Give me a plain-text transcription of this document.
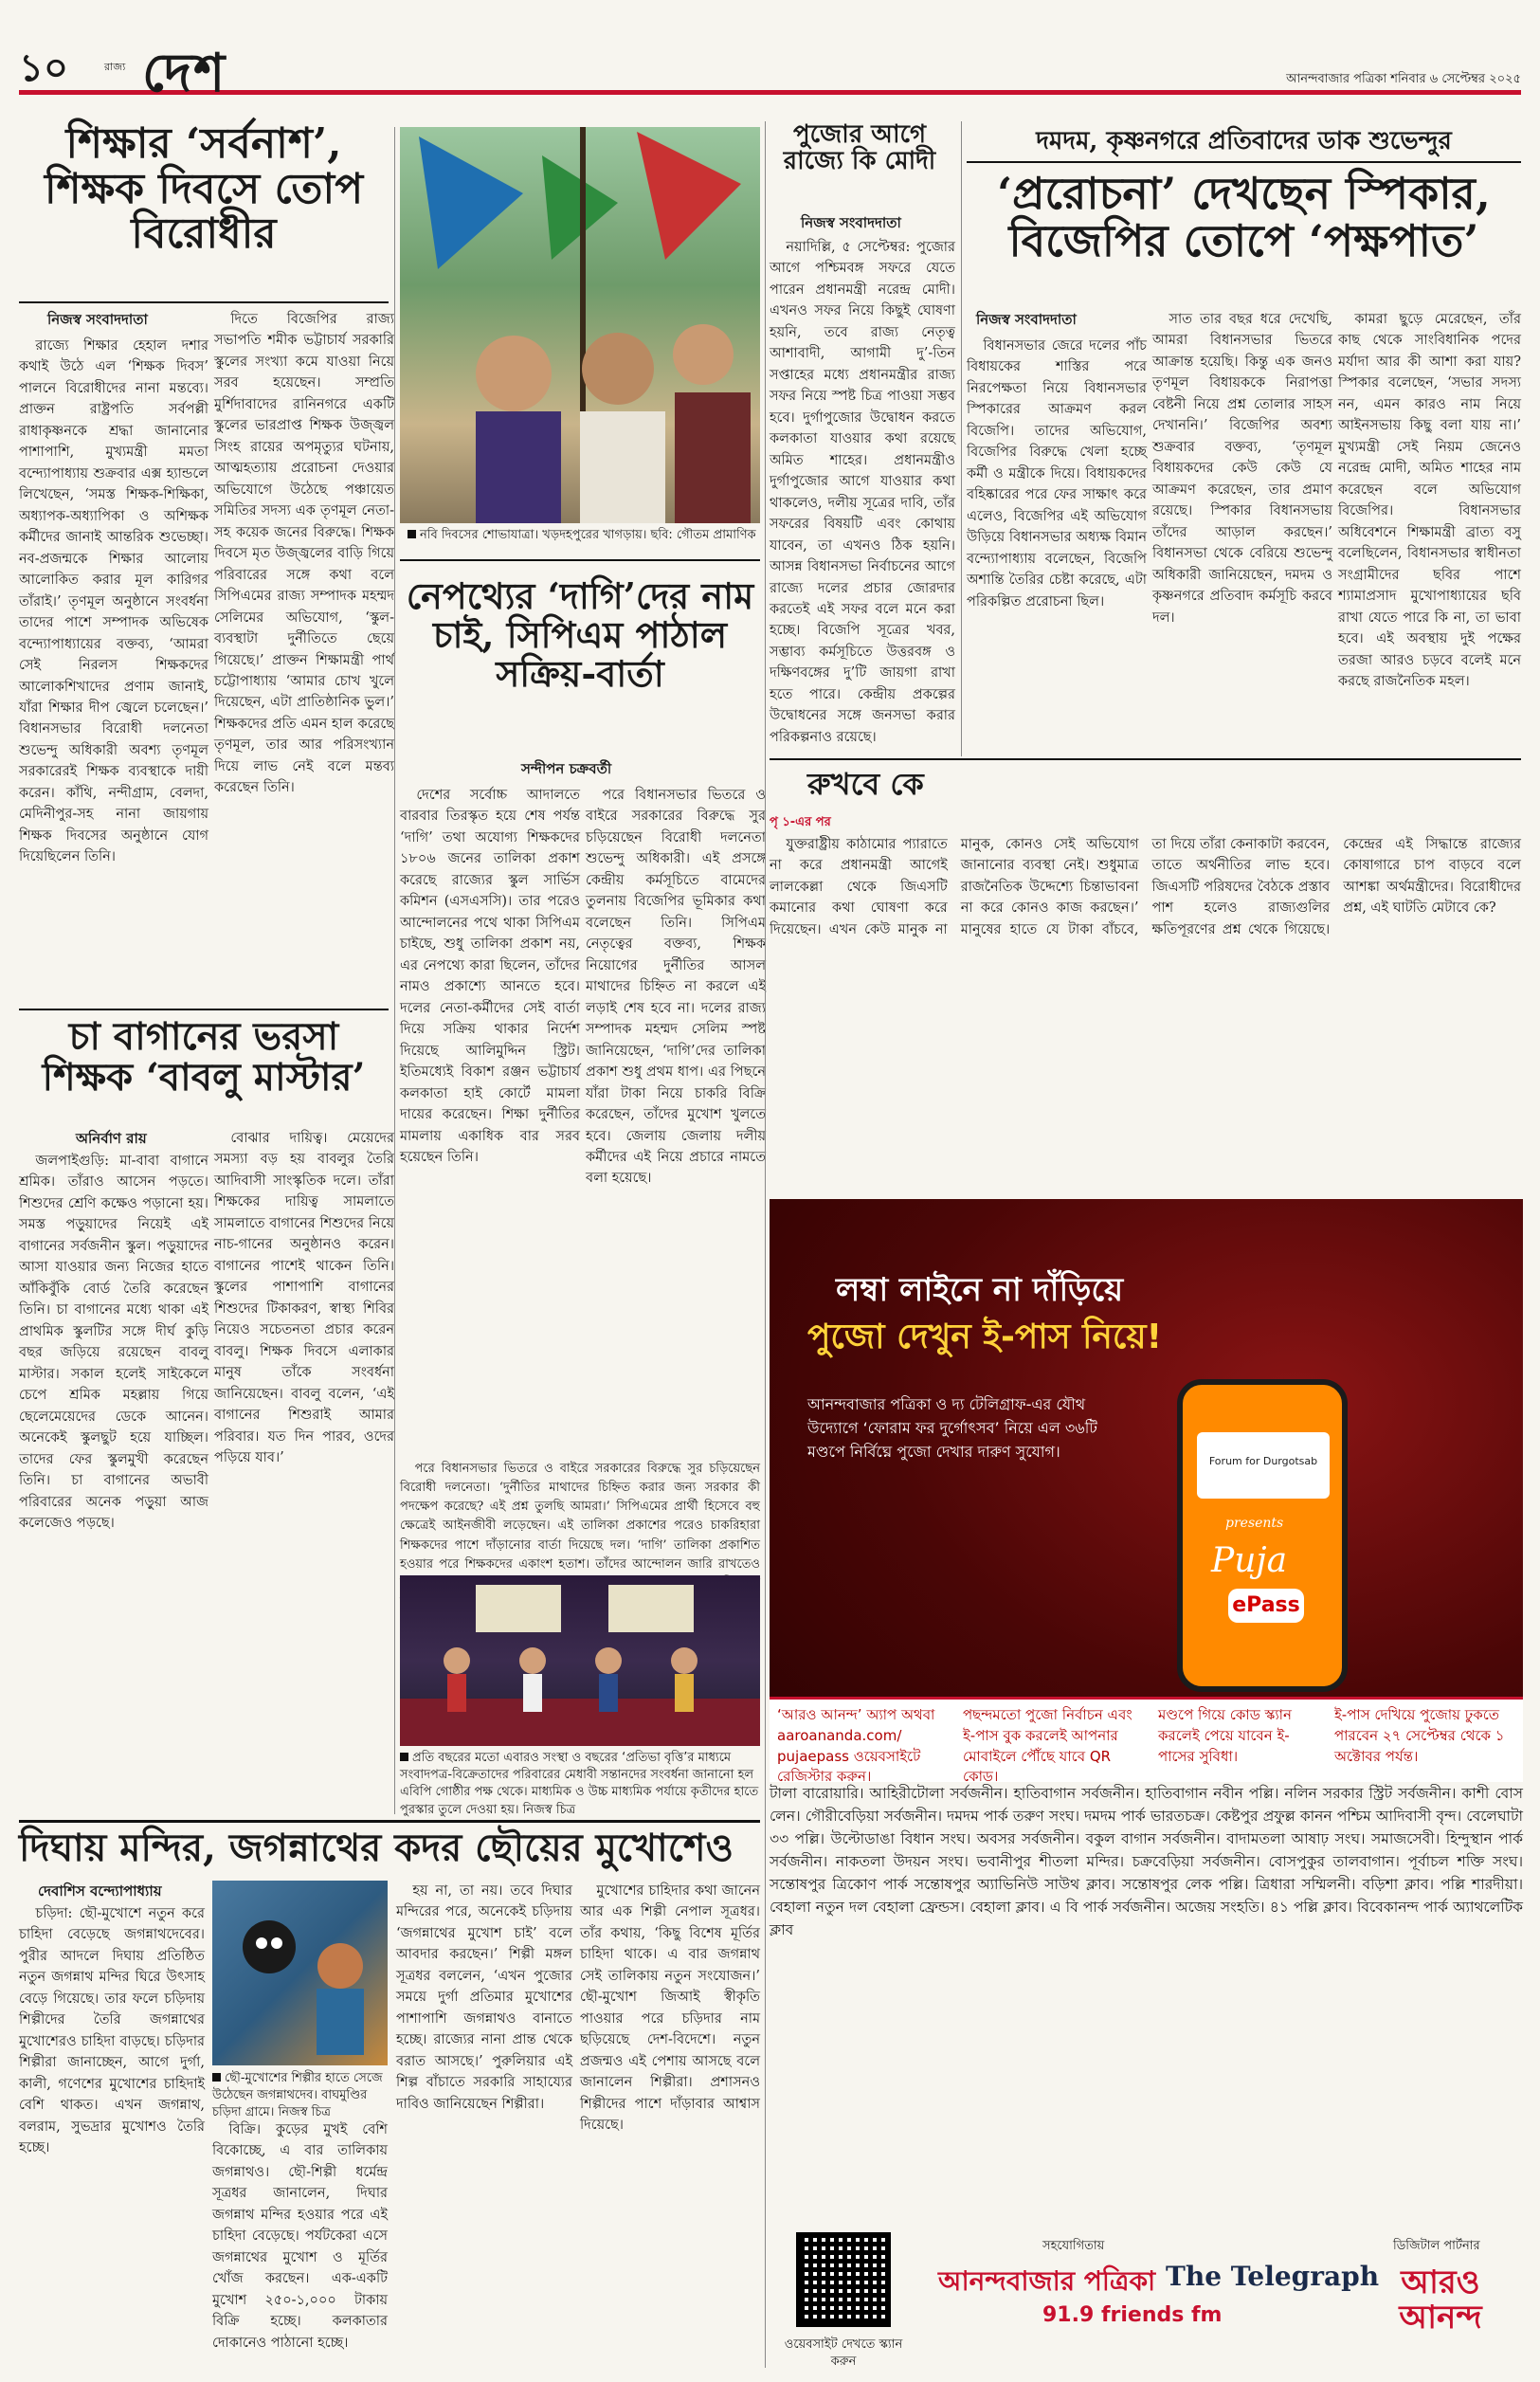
১০	রাজ্য দেশ	আনন্দবাজার পত্রিকা শনিবার ৬ সেপ্টেম্বর ২০২৫
শিক্ষার ‘সর্বনাশ’, শিক্ষক দিবসে তোপ বিরোধীর
নিজস্ব সংবাদদাতা

রাজ্যে শিক্ষার হেহাল দশার কথাই উঠে এল ‘শিক্ষক দিবস’ পালনে বিরোধীদের নানা মন্তব্যে। প্রাক্তন রাষ্ট্রপতি সর্বপল্লী রাধাকৃষ্ণনকে শ্রদ্ধা জানানোর পাশাপাশি, মুখ্যমন্ত্রী মমতা বন্দ্যোপাধ্যায় শুক্রবার এক্স হ্যান্ডলে লিখেছেন, ‘সমস্ত শিক্ষক-শিক্ষিকা, অধ্যাপক-অধ্যাপিকা ও অশিক্ষক কর্মীদের জানাই আন্তরিক শুভেচ্ছা। নব-প্রজন্মকে শিক্ষার আলোয় আলোকিত করার মূল কারিগর তাঁরাই।’ তৃণমূল অনুষ্ঠানে সংবর্ধনা তাদের পাশে সম্পাদক অভিষেক বন্দ্যোপাধ্যায়ের বক্তব্য, ‘আমরা সেই নিরলস শিক্ষকদের আলোকশিখাদের প্রণাম জানাই, যাঁরা শিক্ষার দীপ জ্বেলে চলেছেন।’ বিধানসভার বিরোধী দলনেতা শুভেন্দু অধিকারী অবশ্য তৃণমূল সরকারেরই শিক্ষক ব্যবস্থাকে দায়ী করেন। কাঁথি, নন্দীগ্রাম, বেলদা, মেদিনীপুর-সহ নানা জায়গায় শিক্ষক দিবসের অনুষ্ঠানে যোগ দিয়েছিলেন তিনি।

দিতে বিজেপির রাজ্য সভাপতি শমীক ভট্টাচার্য সরকারি স্কুলের সংখ্যা কমে যাওয়া নিয়ে সরব হয়েছেন। সম্প্রতি মুর্শিদাবাদের রানিনগরে একটি স্কুলের ভারপ্রাপ্ত শিক্ষক উজ্জ্বল সিংহ রায়ের অপমৃত্যুর ঘটনায়, আত্মহত্যায় প্ররোচনা দেওয়ার অভিযোগে উঠেছে পঞ্চায়েত সমিতির সদস্য এক তৃণমূল নেতা-সহ কয়েক জনের বিরুদ্ধে। শিক্ষক দিবসে মৃত উজ্জ্বলের বাড়ি গিয়ে পরিবারের সঙ্গে কথা বলে সিপিএমের রাজ্য সম্পাদক মহম্মদ সেলিমের অভিযোগ, ‘স্কুল-ব্যবস্থাটা দুর্নীতিতে ছেয়ে গিয়েছে।’ প্রাক্তন শিক্ষামন্ত্রী পার্থ চট্টোপাধ্যায় ‘আমার চোখ খুলে দিয়েছেন, এটা প্রাতিষ্ঠানিক ভুল।’ শিক্ষকদের প্রতি এমন হাল করেছে তৃণমূল, তার আর পরিসংখ্যান দিয়ে লাভ নেই বলে মন্তব্য করেছেন তিনি।

নবি দিবসের শোভাযাত্রা। খড়দহপুরের খাগড়ায়। ছবি: গৌতম প্রামাণিক
নেপথ্যের ‘দাগি’দের নাম চাই, সিপিএম পাঠাল সক্রিয়-বার্তা
সন্দীপন চক্রবর্তী

দেশের সর্বোচ্চ আদালতে বারবার তিরস্কৃত হয়ে শেষ পর্যন্ত ‘দাগি’ তথা অযোগ্য শিক্ষকদের ১৮০৬ জনের তালিকা প্রকাশ করেছে রাজ্যের স্কুল সার্ভিস কমিশন (এসএসসি)। তার পরেও আন্দোলনের পথে থাকা সিপিএম চাইছে, শুধু তালিকা প্রকাশ নয়, এর নেপথ্যে কারা ছিলেন, তাঁদের নামও প্রকাশ্যে আনতে হবে। দলের নেতা-কর্মীদের সেই বার্তা দিয়ে সক্রিয় থাকার নির্দেশ দিয়েছে আলিমুদ্দিন স্ট্রিট। ইতিমধ্যেই বিকাশ রঞ্জন ভট্টাচার্য কলকাতা হাই কোর্টে মামলা দায়ের করেছেন। শিক্ষা দুর্নীতির মামলায় একাধিক বার সরব হয়েছেন তিনি।

পরে বিধানসভার ভিতরে ও বাইরে সরকারের বিরুদ্ধে সুর চড়িয়েছেন বিরোধী দলনেতা শুভেন্দু অধিকারী। এই প্রসঙ্গে কেন্দ্রীয় কর্মসূচিতে বামেদের তুলনায় বিজেপির ভূমিকার কথা বলেছেন তিনি। সিপিএম নেতৃত্বের বক্তব্য, শিক্ষক নিয়োগের দুর্নীতির আসল মাথাদের চিহ্নিত না করলে এই লড়াই শেষ হবে না। দলের রাজ্য সম্পাদক মহম্মদ সেলিম স্পষ্ট জানিয়েছেন, ‘দাগি’দের তালিকা প্রকাশ শুধু প্রথম ধাপ। এর পিছনে যাঁরা টাকা নিয়ে চাকরি বিক্রি করেছেন, তাঁদের মুখোশ খুলতে হবে। জেলায় জেলায় দলীয় কর্মীদের এই নিয়ে প্রচারে নামতে বলা হয়েছে।

পরে বিধানসভার ভিতরে ও বাইরে সরকারের বিরুদ্ধে সুর চড়িয়েছেন বিরোধী দলনেতা। ‘দুর্নীতির মাথাদের চিহ্নিত করার জন্য সরকার কী পদক্ষেপ করেছে? এই প্রশ্ন তুলছি আমরা।’ সিপিএমের প্রার্থী হিসেবে বহু ক্ষেত্রেই আইনজীবী লড়েছেন। এই তালিকা প্রকাশের পরেও চাকরিহারা শিক্ষকদের পাশে দাঁড়ানোর বার্তা দিয়েছে দল। ‘দাগি’ তালিকা প্রকাশিত হওয়ার পরে শিক্ষকদের একাংশ হতাশ। তাঁদের আন্দোলন জারি রাখতেও

পুজোর আগে রাজ্যে কি মোদী
নিজস্ব সংবাদদাতা

নয়াদিল্লি, ৫ সেপ্টেম্বর: পুজোর আগে পশ্চিমবঙ্গ সফরে যেতে পারেন প্রধানমন্ত্রী নরেন্দ্র মোদী। এখনও সফর নিয়ে কিছুই ঘোষণা হয়নি, তবে রাজ্য নেতৃত্ব আশাবাদী, আগামী দু’-তিন সপ্তাহের মধ্যে প্রধানমন্ত্রীর রাজ্য সফর নিয়ে স্পষ্ট চিত্র পাওয়া সম্ভব হবে। দুর্গাপুজোর উদ্বোধন করতে কলকাতা যাওয়ার কথা রয়েছে অমিত শাহের। প্রধানমন্ত্রীও দুর্গাপুজোর আগে যাওয়ার কথা থাকলেও, দলীয় সূত্রের দাবি, তাঁর সফরের বিষয়টি এবং কোথায় যাবেন, তা এখনও ঠিক হয়নি। আসন্ন বিধানসভা নির্বাচনের আগে রাজ্যে দলের প্রচার জোরদার করতেই এই সফর বলে মনে করা হচ্ছে। বিজেপি সূত্রের খবর, সম্ভাব্য কর্মসূচিতে উত্তরবঙ্গ ও দক্ষিণবঙ্গের দু’টি জায়গা রাখা হতে পারে। কেন্দ্রীয় প্রকল্পের উদ্বোধনের সঙ্গে জনসভা করার পরিকল্পনাও রয়েছে।

দমদম, কৃষ্ণনগরে প্রতিবাদের ডাক শুভেন্দুর
‘প্ররোচনা’ দেখছেন স্পিকার, বিজেপির তোপে ‘পক্ষপাত’
নিজস্ব সংবাদদাতা

বিধানসভার জেরে দলের পাঁচ বিধায়কের শাস্তির পরে নিরপেক্ষতা নিয়ে বিধানসভার স্পিকারের আক্রমণ করল বিজেপি। তাদের অভিযোগ, বিজেপির বিরুদ্ধে খেলা হচ্ছে কর্মী ও মন্ত্রীকে দিয়ে। বিধায়কদের বহিষ্কারের পরে ফের সাক্ষাৎ করে এলেও, বিজেপির এই অভিযোগ উড়িয়ে বিধানসভার অধ্যক্ষ বিমান বন্দ্যোপাধ্যায় বলেছেন, বিজেপি অশান্তি তৈরির চেষ্টা করেছে, এটা পরিকল্পিত প্ররোচনা ছিল।

সাত তার বছর ধরে দেখেছি, আমরা বিধানসভার ভিতরে আক্রান্ত হয়েছি। কিন্তু এক জনও তৃণমূল বিধায়ককে নিরাপত্তা বেষ্টনী নিয়ে প্রশ্ন তোলার সাহস দেখাননি।’ বিজেপির অবশ্য শুক্রবার বক্তব্য, ‘তৃণমূল বিধায়কদের কেউ কেউ যে আক্রমণ করেছেন, তার প্রমাণ রয়েছে। স্পিকার বিধানসভায় তাঁদের আড়াল করছেন।’ বিধানসভা থেকে বেরিয়ে শুভেন্দু অধিকারী জানিয়েছেন, দমদম ও কৃষ্ণনগরে প্রতিবাদ কর্মসূচি করবে দল।

কামরা ছুড়ে মেরেছেন, তাঁর কাছ থেকে সাংবিধানিক পদের মর্যাদা আর কী আশা করা যায়? স্পিকার বলেছেন, ‘সভার সদস্য নন, এমন কারও নাম নিয়ে আইনসভায় কিছু বলা যায় না।’ মুখ্যমন্ত্রী সেই নিয়ম জেনেও নরেন্দ্র মোদী, অমিত শাহের নাম করেছেন বলে অভিযোগ বিজেপির। বিধানসভার অধিবেশনে শিক্ষামন্ত্রী ব্রাত্য বসু বলেছিলেন, বিধানসভার স্বাধীনতা সংগ্রামীদের ছবির পাশে শ্যামাপ্রসাদ মুখোপাধ্যায়ের ছবি রাখা যেতে পারে কি না, তা ভাবা হবে। এই অবস্থায় দুই পক্ষের তরজা আরও চড়বে বলেই মনে করছে রাজনৈতিক মহল।

রুখবে কে
পৃ ১-এর পর

যুক্তরাষ্ট্রীয় কাঠামোর প্যারাতে না করে প্রধানমন্ত্রী আগেই লালকেল্লা থেকে জিএসটি কমানোর কথা ঘোষণা করে দিয়েছেন। এখন কেউ মানুক না মানুক, কোনও সেই অভিযোগ জানানোর ব্যবস্থা নেই। শুধুমাত্র রাজনৈতিক উদ্দেশ্যে চিন্তাভাবনা না করে কোনও কাজ করছেন।’ মানুষের হাতে যে টাকা বাঁচবে, তা দিয়ে তাঁরা কেনাকাটা করবেন, তাতে অর্থনীতির লাভ হবে। জিএসটি পরিষদের বৈঠকে প্রস্তাব পাশ হলেও রাজ্যগুলির ক্ষতিপূরণের প্রশ্ন থেকে গিয়েছে। কেন্দ্রের এই সিদ্ধান্তে রাজ্যের কোষাগারে চাপ বাড়বে বলে আশঙ্কা অর্থমন্ত্রীদের। বিরোধীদের প্রশ্ন, এই ঘাটতি মেটাবে কে?

চা বাগানের ভরসা শিক্ষক ‘বাবলু মাস্টার’
অনির্বাণ রায়

জলপাইগুড়ি: মা-বাবা বাগানে শ্রমিক। তাঁরাও আসেন পড়তে। শিশুদের শ্রেণি কক্ষেও পড়ানো হয়। সমস্ত পড়ুয়াদের নিয়েই এই বাগানের সর্বজনীন স্কুল। পড়ুয়াদের আসা যাওয়ার জন্য নিজের হাতে আঁকিবুঁকি বোর্ড তৈরি করেছেন তিনি। চা বাগানের মধ্যে থাকা এই প্রাথমিক স্কুলটির সঙ্গে দীর্ঘ কুড়ি বছর জড়িয়ে রয়েছেন বাবলু মাস্টার। সকাল হলেই সাইকেলে চেপে শ্রমিক মহল্লায় গিয়ে ছেলেমেয়েদের ডেকে আনেন। অনেকেই স্কুলছুট হয়ে যাচ্ছিল। তাদের ফের স্কুলমুখী করেছেন তিনি। চা বাগানের অভাবী পরিবারের অনেক পড়ুয়া আজ কলেজেও পড়ছে।

বোঝার দায়িত্ব। মেয়েদের সমস্যা বড় হয় বাবলুর তৈরি আদিবাসী সাংস্কৃতিক দলে। তাঁরা শিক্ষকের দায়িত্ব সামলাতে সামলাতে বাগানের শিশুদের নিয়ে নাচ-গানের অনুষ্ঠানও করেন। বাগানের পাশেই থাকেন তিনি। স্কুলের পাশাপাশি বাগানের শিশুদের টিকাকরণ, স্বাস্থ্য শিবির নিয়েও সচেতনতা প্রচার করেন বাবলু। শিক্ষক দিবসে এলাকার মানুষ তাঁকে সংবর্ধনা জানিয়েছেন। বাবলু বলেন, ‘এই বাগানের শিশুরাই আমার পরিবার। যত দিন পারব, ওদের পড়িয়ে যাব।’

প্রতি বছরের মতো এবারও সংস্থা ও বছরের ‘প্রতিভা বৃত্তি’র মাধ্যমে সংবাদপত্র-বিক্রেতাদের পরিবারের মেধাবী সন্তানদের সংবর্ধনা জানানো হল এবিপি গোষ্ঠীর পক্ষ থেকে। মাধ্যমিক ও উচ্চ মাধ্যমিক পর্যায়ে কৃতীদের হাতে পুরস্কার তুলে দেওয়া হয়। নিজস্ব চিত্র
দিঘায় মন্দির, জগন্নাথের কদর ছৌয়ের মুখোশেও
দেবাশিস বন্দ্যোপাধ্যায়

চড়িদা: ছৌ-মুখোশে নতুন করে চাহিদা বেড়েছে জগন্নাথদেবের। পুরীর আদলে দিঘায় প্রতিষ্ঠিত নতুন জগন্নাথ মন্দির ঘিরে উৎসাহ বেড়ে গিয়েছে। তার ফলে চড়িদায় শিল্পীদের তৈরি জগন্নাথের মুখোশেরও চাহিদা বাড়ছে। চড়িদার শিল্পীরা জানাচ্ছেন, আগে দুর্গা, কালী, গণেশের মুখোশের চাহিদাই বেশি থাকত। এখন জগন্নাথ, বলরাম, সুভদ্রার মুখোশও তৈরি হচ্ছে।

ছৌ-মুখোশের শিল্পীর হাতে সেজে উঠেছেন জগন্নাথদেব। বাঘমুণ্ডির চড়িদা গ্রামে। নিজস্ব চিত্র

বিক্রি। কুড়ের মুখই বেশি বিকোচ্ছে, এ বার তালিকায় জগন্নাথও। ছৌ-শিল্পী ধর্মেন্দ্র সূত্রধর জানালেন, দিঘার জগন্নাথ মন্দির হওয়ার পরে এই চাহিদা বেড়েছে। পর্যটকেরা এসে জগন্নাথের মুখোশ ও মূর্তির খোঁজ করছেন। এক-একটি মুখোশ ২৫০-১,০০০ টাকায় বিক্রি হচ্ছে। কলকাতার দোকানেও পাঠানো হচ্ছে।

হয় না, তা নয়। তবে দিঘার মন্দিরের পরে, অনেকেই চড়িদায় ‘জগন্নাথের মুখোশ চাই’ বলে আবদার করছেন।’ শিল্পী মঙ্গল সূত্রধর বললেন, ‘এখন পুজোর সময়ে দুর্গা প্রতিমার মুখোশের পাশাপাশি জগন্নাথও বানাতে হচ্ছে। রাজ্যের নানা প্রান্ত থেকে বরাত আসছে।’ পুরুলিয়ার এই শিল্প বাঁচাতে সরকারি সাহায্যের দাবিও জানিয়েছেন শিল্পীরা।

মুখোশের চাহিদার কথা জানেন আর এক শিল্পী নেপাল সূত্রধর। তাঁর কথায়, ‘কিছু বিশেষ মূর্তির চাহিদা থাকে। এ বার জগন্নাথ সেই তালিকায় নতুন সংযোজন।’ ছৌ-মুখোশ জিআই স্বীকৃতি পাওয়ার পরে চড়িদার নাম ছড়িয়েছে দেশ-বিদেশে। নতুন প্রজন্মও এই পেশায় আসছে বলে জানালেন শিল্পীরা। প্রশাসনও শিল্পীদের পাশে দাঁড়াবার আশ্বাস দিয়েছে।

লম্বা লাইনে না দাঁড়িয়ে
পুজো দেখুন ই-পাস নিয়ে!
আনন্দবাজার পত্রিকা ও দ্য টেলিগ্রাফ-এর যৌথ উদ্যোগে ‘ফোরাম ফর দুর্গোৎসব’ নিয়ে এল ৩৬টি মণ্ডপে নির্বিঘ্নে পুজো দেখার দারুণ সুযোগ।
Forum for Durgotsab
presents
Puja
ePass
‘আরও আনন্দ’ অ্যাপ অথবা aaroananda.com/ pujaepass ওয়েবসাইটে রেজিস্টার করুন।
পছন্দমতো পুজো নির্বাচন এবং ই-পাস বুক করলেই আপনার মোবাইলে পৌঁছে যাবে QR কোড।
মণ্ডপে গিয়ে কোড স্ক্যান করলেই পেয়ে যাবেন ই-পাসের সুবিধা।
ই-পাস দেখিয়ে পুজোয় ঢুকতে পারবেন ২৭ সেপ্টেম্বর থেকে ১ অক্টোবর পর্যন্ত।
টালা বারোয়ারি। আহিরীটোলা সর্বজনীন। হাতিবাগান সর্বজনীন। হাতিবাগান নবীন পল্লি। নলিন সরকার স্ট্রিট সর্বজনীন। কাশী বোস লেন। গৌরীবেড়িয়া সর্বজনীন। দমদম পার্ক তরুণ সংঘ। দমদম পার্ক ভারতচক্র। কেষ্টপুর প্রফুল্ল কানন পশ্চিম আদিবাসী বৃন্দ। বেলেঘাটা ৩৩ পল্লি। উল্টোডাঙা বিধান সংঘ। অবসর সর্বজনীন। বকুল বাগান সর্বজনীন। বাদামতলা আষাঢ় সংঘ। সমাজসেবী। হিন্দুস্থান পার্ক সর্বজনীন। নাকতলা উদয়ন সংঘ। ভবানীপুর শীতলা মন্দির। চক্রবেড়িয়া সর্বজনীন। বোসপুকুর তালবাগান। পূর্বাচল শক্তি সংঘ। সন্তোষপুর ত্রিকোণ পার্ক সন্তোষপুর অ্যাভিনিউ সাউথ ক্লাব। সন্তোষপুর লেক পল্লি। ত্রিধারা সম্মিলনী। বড়িশা ক্লাব। পল্লি শারদীয়া। বেহালা নতুন দল বেহালা ফ্রেন্ডস। বেহালা ক্লাব। এ বি পার্ক সর্বজনীন। অজেয় সংহতি। ৪১ পল্লি ক্লাব। বিবেকানন্দ পার্ক অ্যাথলেটিক ক্লাব
ওয়েবসাইট দেখতে স্ক্যান করুন
সহযোগিতায়
আনন্দবাজার পত্রিকা The Telegraph
91.9 friends fm
ডিজিটাল পার্টনার
আরও আনন্দ
